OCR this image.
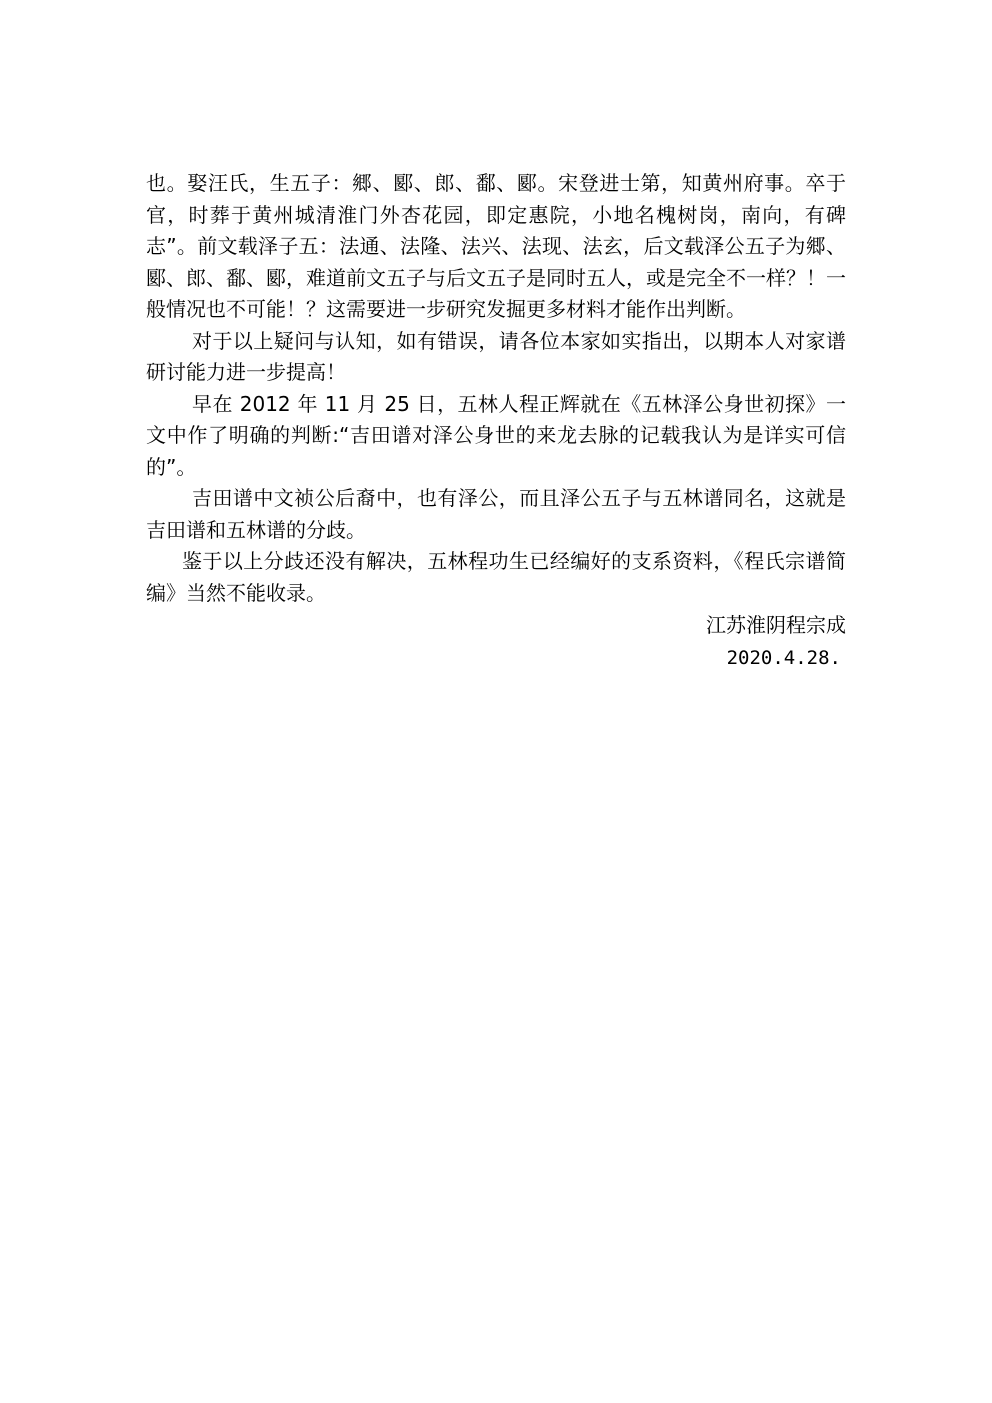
也。娶汪氏，生五子：郷、郾、郎、鄱、郾。宋登进士第，知黄州府事。卒于官，时葬于黄州城清淮门外杏花园，即定惠院，小地名槐树岗，南向，有碑志”。前文载泽子五：法通、法隆、法兴、法现、法玄，后文载泽公五子为郷、郾、郎、鄱、郾，难道前文五子与后文五子是同时五人，或是完全不一样？！一般情况也不可能！？这需要进一步研究发掘更多材料才能作出判断。

对于以上疑问与认知，如有错误，请各位本家如实指出，以期本人对家谱研讨能力进一步提高！

早在 2012 年 11 月 25 日，五林人程正辉就在《五林泽公身世初探》一文中作了明确的判断:“吉田谱对泽公身世的来龙去脉的记载我认为是详实可信的”。

吉田谱中文祯公后裔中，也有泽公，而且泽公五子与五林谱同名，这就是吉田谱和五林谱的分歧。

鉴于以上分歧还没有解决，五林程功生已经编好的支系资料，《程氏宗谱简编》当然不能收录。

江苏淮阴程宗成

2020.4.28.
